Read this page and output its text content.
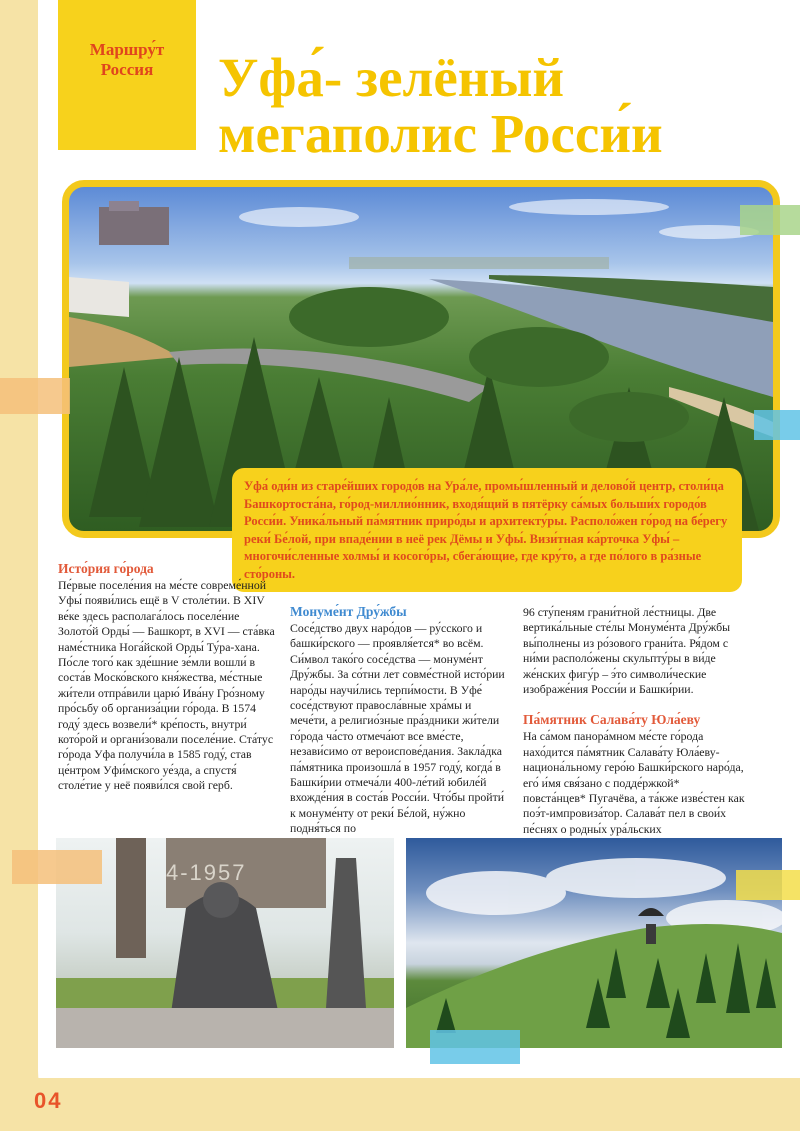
Маршру́т
Россия	Уфа́- зелёный
мегаполис Росси́и
Уфа́ оди́н из старе́йших городо́в на Ура́ле, промы́шленный и делово́й центр, столи́ца Башкортоста́на, го́род-миллио́нник, входя́щий в пятёрку са́мых больши́х городо́в Росси́и. Уника́льный па́мятник приро́ды и архитекту́ры. Располо́жен го́род на бе́регу реки́ Бе́лой, при впаде́нии в неё рек Дёмы и Уфы́. Визи́тная ка́рточка Уфы́ – многочи́сленные холмы́ и косого́ры, сбега́ющие, где кру́то, а где по́лого в ра́зные сто́роны.
Исто́рия го́рода

Пе́рвые поселе́ния на ме́сте совреме́нной Уфы́ появи́лись ещё в V столе́тии. В XIV ве́ке здесь располага́лось поселе́ние Золото́й Орды́ — Башкорт, в XVI — ста́вка наме́стника Нога́йской Орды́ Ту́ра-хана. По́сле того́ как зде́шние зе́мли вошли́ в соста́в Моско́вского кня́жества, ме́стные жи́тели отпра́вили царю́ Ива́ну Гро́зному про́сьбу об организа́ции го́рода. В 1574 году́ здесь возвели́* кре́пость, внутри́ кото́рой и органи́зовали поселе́ние. Ста́тус го́рода Уфа получи́ла в 1585 году́, став це́нтром Уфи́мского уе́зда, а спустя́ столе́тие у неё появи́лся свой герб.

Монуме́нт Дру́жбы

Сосе́дство двух наро́дов — ру́сского и башки́рского — проявля́ется* во всём. Си́мвол тако́го сосе́дства — монуме́нт Дру́жбы. За со́тни лет совме́стной исто́рии наро́ды научи́лись терпи́мости. В Уфе́ сосе́дствуют правосла́вные хра́мы и мече́ти, а религио́зные пра́здники жи́тели го́рода ча́сто отмеча́ют все вме́сте, незави́симо от вероиспове́дания. Закла́дка па́мятника произошла́ в 1957 году́, когда́ в Башки́рии отмеча́ли 400-ле́тий юбиле́й вхожде́ния в соста́в Росси́и. Что́бы пройти́ к монуме́нту от реки́ Бе́лой, ну́жно подня́ться по

96 сту́пеням грани́тной ле́стницы. Две вертика́льные сте́лы Монуме́нта Дру́жбы вы́полнены из ро́зового грани́та. Ря́дом с ни́ми располо́жены скульпту́ры в ви́де же́нских фигу́р – э́то символи́ческие изображе́ния Росси́и и Башки́рии.

Па́мятник Салава́ту Юла́еву

На са́мом панора́мном ме́сте го́рода нахо́дится па́мятник Салава́ту Юла́еву- национа́льному геро́ю Башки́рского наро́да, его́ и́мя свя́зано с подде́ржкой* повста́нцев* Пугачёва, а та́кже изве́стен как поэ́т-импровиза́тор. Салава́т пел в свои́х пе́снях о родны́х ура́льских

4-1957
04
